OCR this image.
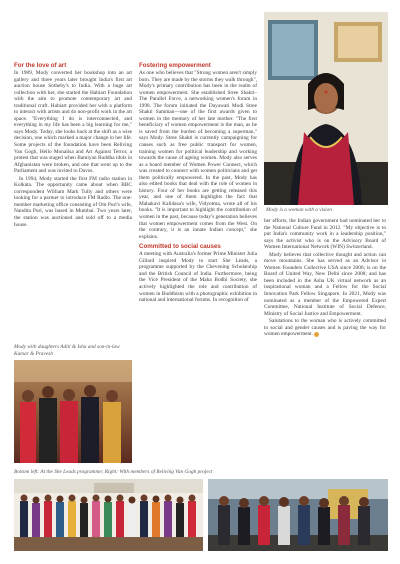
For the love of art

In 1989, Mody converted her bookshop into an art gallery and three years later brought India's first art auction house Sotheby's to India. With a huge art collection with her, she started the Habiart Foundation with the aim to promote contemporary art and traditional craft. Habiart provided her with a platform to interact with artists and do non-profit work in the art space. "Everything I do is interconnected, and everything in my life has been a big learning for me," says Mody. Today, she looks back at the shift as a wise decision, one which marked a major change in her life. Some projects of the foundation have been Reliving Van Gogh, Hello Monalisa and Art Against Terror, a protest that was staged when Bamiyan Buddha idols in Afghanistan were broken, and one that went up to the Parliament and was invited to Davos.

In 1994, Mody started the first FM radio station in Kolkata. The opportunity came about when BBC correspondent William Mark Tully and others were looking for a partner to introduce FM Radio. The one-member marketing office consisting of Om Puri's wife, Nandita Puri, was based in Mumbai. Two years later, the station was auctioned and sold off to a media house.

Mody with daughters Aditi & Isha and son-in-law Kumar & Pravesh
Fostering empowerment

As one who believes that "Strong women aren't simply born. They are made by the storms they walk through", Mody's primary contribution has been in the realm of women empowerment. She established Stree Shakti–The Parallel Force, a networking women's forum in 1998. The forum initiated the Dayawati Modi Stree Shakti Samman—one of the first awards given to women in the memory of her late mother. "The first beneficiary of women empowerment is the man, as he is saved from the burden of becoming a superman," says Mody. Stree Shakti is currently campaigning for causes such as free public transport for women, training women for political leadership and working towards the cause of ageing women. Mody also serves as a board member of Women Power Connect, which was created to connect with women politicians and get them politically empowered. In the past, Mody has also edited books that deal with the role of women in history. Four of her books are getting released this year, and one of them highlights the fact that Mahakavi Kalidasa's wife, Vidyotma, wrote all of his books. "It is important to highlight the contribution of women in the past, because today's generation believes that women empowerment comes from the West. On the contrary, it is an innate Indian concept," she explains.

Committed to social causes

A meeting with Australia's former Prime Minister Julia Gillard inspired Mody to start She Leads, a programme supported by the Chevening Scholarship and the British Council of India. Furthermore, being the Vice President of the Maha Bodhi Society, she actively highlighted the role and contribution of women in Buddhism with a photographic exhibition in national and international forums. In recognition of

Mody is a woman with a vision

her efforts, the Indian government had nominated her to the National Culture Fund in 2012. "My objective is to put India's community work in a leadership position," says the activist who is on the Advisory Board of Women International Network (WIN) Switzerland.

Mody believes that collective thought and action can move mountains. She has served as an Advisor in Women Founders Collective USA since 2006; is on the Board of United Way, New Delhi since 2008; and has been included in the Asha UK virtual network as an inspirational woman and a Fellow for the Social Innovation Park Fellow Singapore. In 2021, Mody was nominated as a member of the Empowered Expert Committee, National Institute of Social Defence, Ministry of Social Justice and Empowerment.

Salutations to the woman who is actively committed to social and gender causes and is paving the way for women empowerment.

Bottom left: At the She Leads programme; Right: With members of Reliving Van Gogh project
